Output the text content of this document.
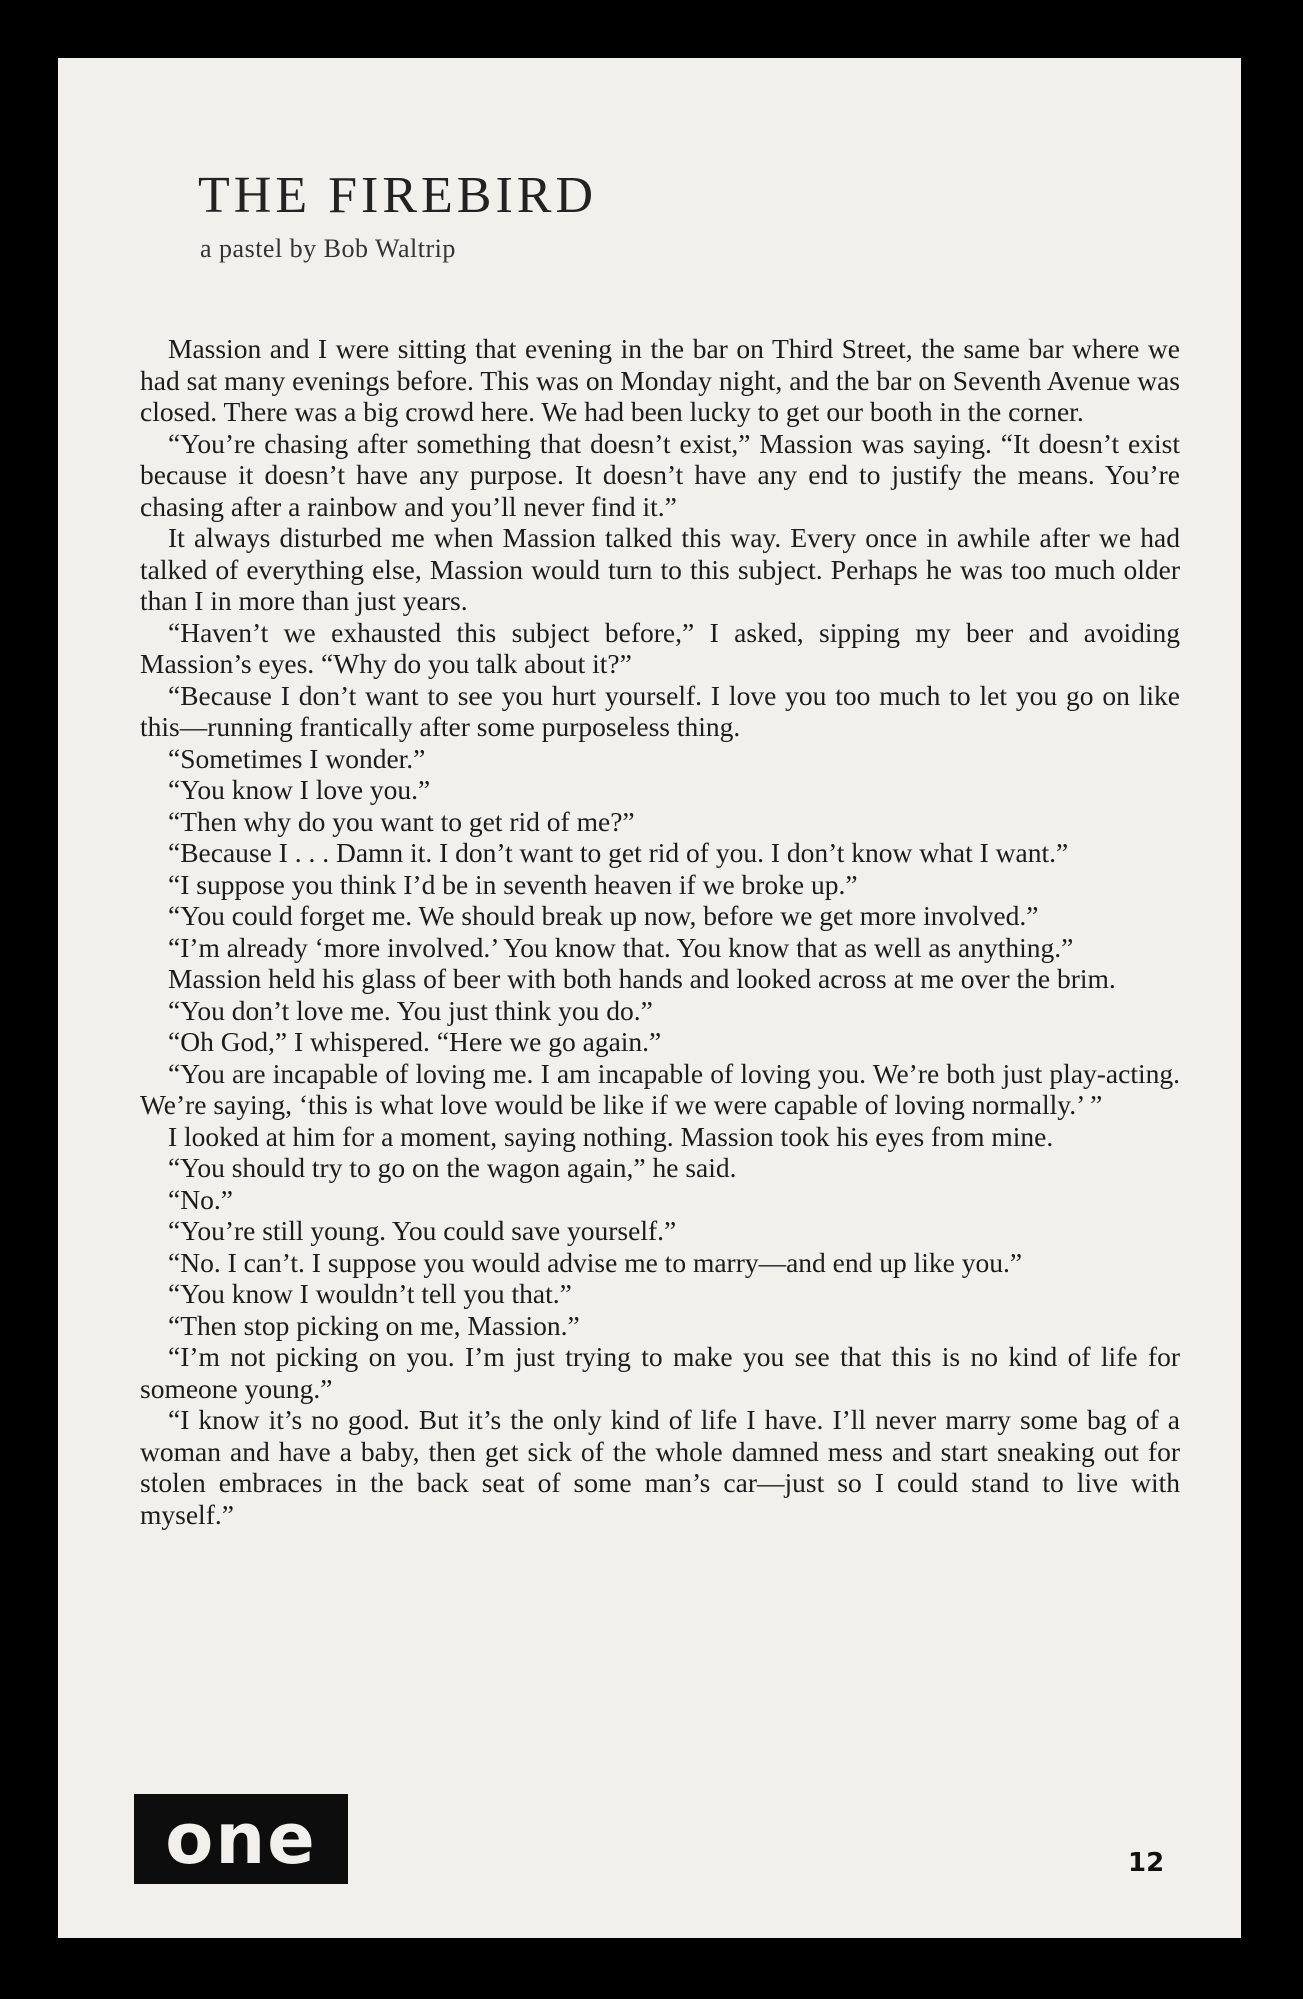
THE FIREBIRD
a pastel by Bob Waltrip

Massion and I were sitting that evening in the bar on Third Street, the same bar where we had sat many evenings before. This was on Monday night, and the bar on Seventh Avenue was closed. There was a big crowd here. We had been lucky to get our booth in the corner.

“You’re chasing after something that doesn’t exist,” Massion was saying. “It doesn’t exist because it doesn’t have any purpose. It doesn’t have any end to justify the means. You’re chasing after a rainbow and you’ll never find it.”

It always disturbed me when Massion talked this way. Every once in awhile after we had talked of everything else, Massion would turn to this subject. Perhaps he was too much older than I in more than just years.

“Haven’t we exhausted this subject before,” I asked, sipping my beer and avoiding Massion’s eyes. “Why do you talk about it?”

“Because I don’t want to see you hurt yourself. I love you too much to let you go on like this—running frantically after some purposeless thing.

“Sometimes I wonder.”

“You know I love you.”

“Then why do you want to get rid of me?”

“Because I . . . Damn it. I don’t want to get rid of you. I don’t know what I want.”

“I suppose you think I’d be in seventh heaven if we broke up.”

“You could forget me. We should break up now, before we get more involved.”

“I’m already ‘more involved.’ You know that. You know that as well as anything.”

Massion held his glass of beer with both hands and looked across at me over the brim.

“You don’t love me. You just think you do.”

“Oh God,” I whispered. “Here we go again.”

“You are incapable of loving me. I am incapable of loving you. We’re both just play-acting. We’re saying, ‘this is what love would be like if we were capable of loving normally.’ ”

I looked at him for a moment, saying nothing. Massion took his eyes from mine.

“You should try to go on the wagon again,” he said.

“No.”

“You’re still young. You could save yourself.”

“No. I can’t. I suppose you would advise me to marry—and end up like you.”

“You know I wouldn’t tell you that.”

“Then stop picking on me, Massion.”

“I’m not picking on you. I’m just trying to make you see that this is no kind of life for someone young.”

“I know it’s no good. But it’s the only kind of life I have. I’ll never marry some bag of a woman and have a baby, then get sick of the whole damned mess and start sneaking out for stolen embraces in the back seat of some man’s car—just so I could stand to live with myself.”

one	12
